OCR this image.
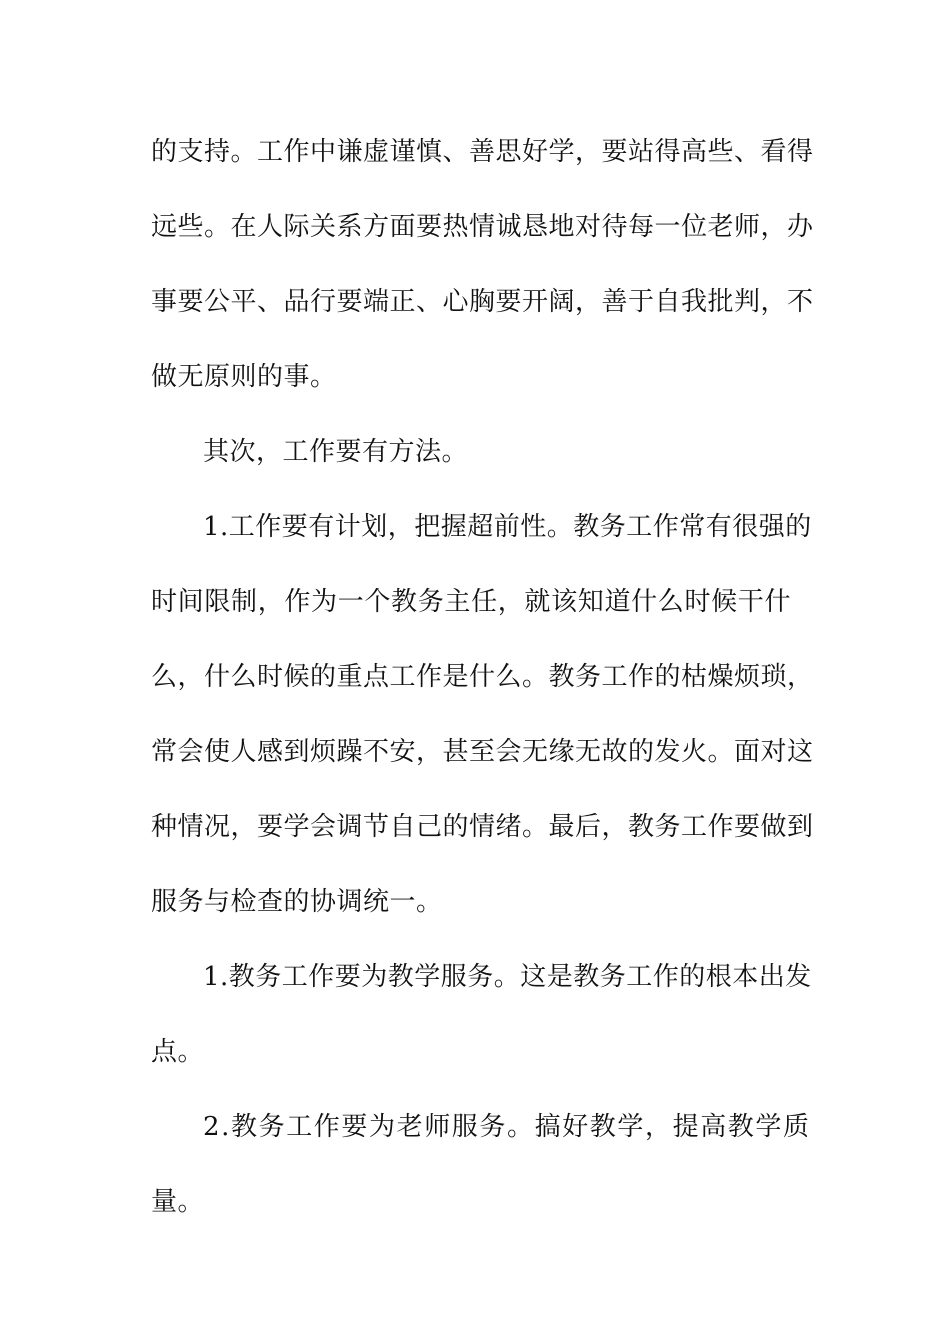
的支持。工作中谦虚谨慎、善思好学，要站得高些、看得
远些。在人际关系方面要热情诚恳地对待每一位老师，办
事要公平、品行要端正、心胸要开阔，善于自我批判，不
做无原则的事。
其次，工作要有方法。
1.工作要有计划，把握超前性。教务工作常有很强的
时间限制，作为一个教务主任，就该知道什么时候干什
么，什么时候的重点工作是什么。教务工作的枯燥烦琐，
常会使人感到烦躁不安，甚至会无缘无故的发火。面对这
种情况，要学会调节自己的情绪。最后，教务工作要做到
服务与检查的协调统一。
1.教务工作要为教学服务。这是教务工作的根本出发
点。
2.教务工作要为老师服务。搞好教学，提高教学质
量。
